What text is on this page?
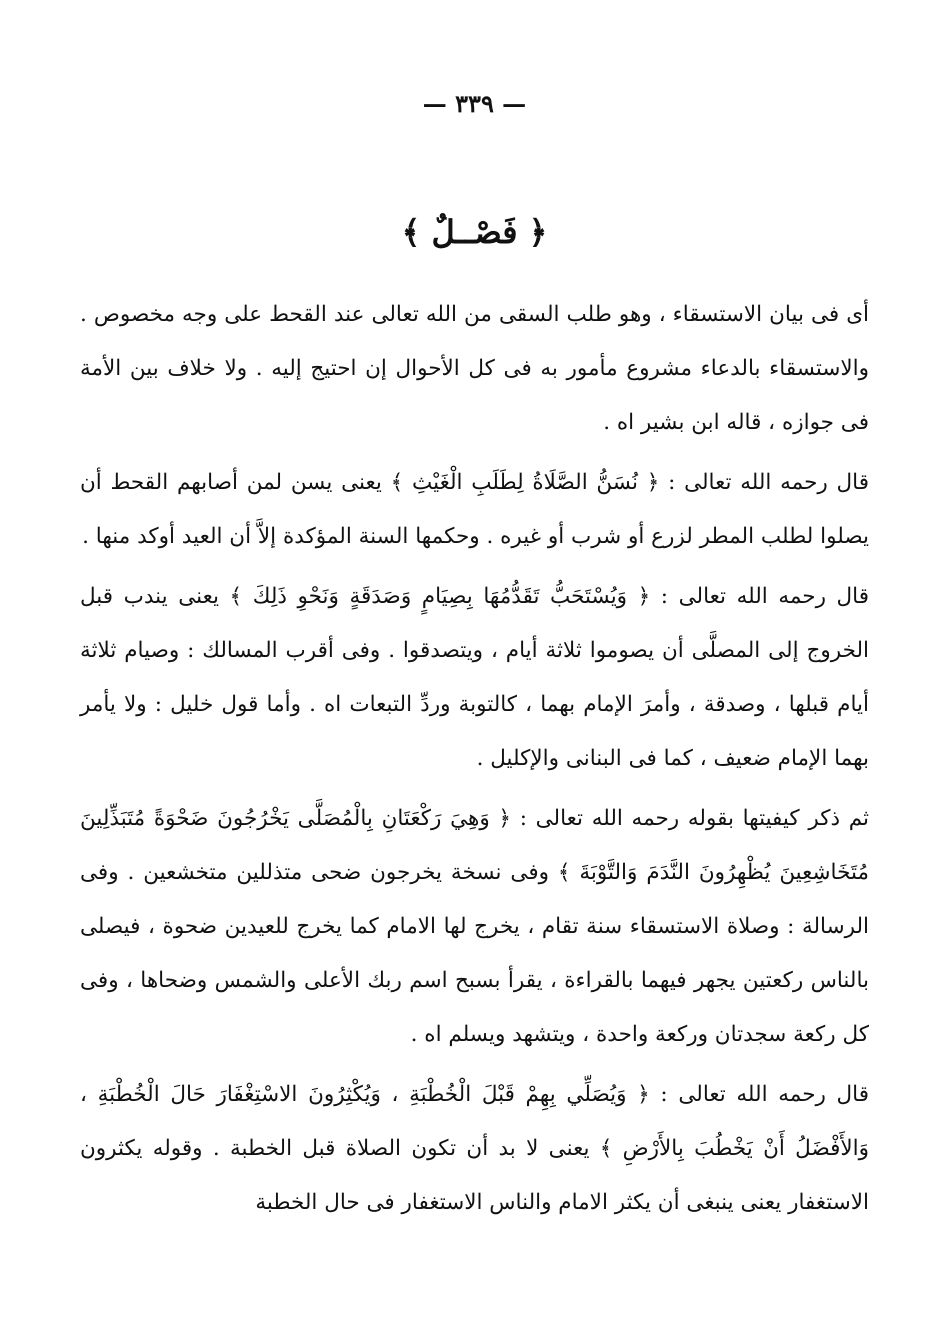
— ٣٣٩ —
﴿ فَصْــلٌ ﴾

أى فى بيان الاستسقاء ، وهو طلب السقى من الله تعالى عند القحط على وجه مخصوص . والاستسقاء بالدعاء مشروع مأمور به فى كل الأحوال إن احتيج إليه . ولا خلاف بين الأمة فى جوازه ، قاله ابن بشير اه .

قال رحمه الله تعالى : ﴿ نُسَنُّ الصَّلَاةُ لِطَلَبِ الْغَيْثِ ﴾ يعنى يسن لمن أصابهم القحط أن يصلوا لطلب المطر لزرع أو شرب أو غيره . وحكمها السنة المؤكدة إلاَّ أن العيد أوكد منها .

قال رحمه الله تعالى : ﴿ وَيُسْتَحَبُّ تَقَدُّمُهَا بِصِيَامٍ وَصَدَقَةٍ وَنَحْوِ ذَلِكَ ﴾ يعنى يندب قبل الخروج إلى المصلَّى أن يصوموا ثلاثة أيام ، ويتصدقوا . وفى أقرب المسالك : وصيام ثلاثة أيام قبلها ، وصدقة ، وأمرَ الإمام بهما ، كالتوبة وردِّ التبعات اه . وأما قول خليل : ولا يأمر بهما الإمام ضعيف ، كما فى البنانى والإكليل .

ثم ذكر كيفيتها بقوله رحمه الله تعالى : ﴿ وَهِيَ رَكْعَتَانِ بِالْمُصَلَّى يَخْرُجُونَ ضَحْوَةً مُتَبَذِّلِينَ مُتَخَاشِعِينَ يُظْهِرُونَ النَّدَمَ وَالتَّوْبَةَ ﴾ وفى نسخة يخرجون ضحى متذللين متخشعين . وفى الرسالة : وصلاة الاستسقاء سنة تقام ، يخرج لها الامام كما يخرج للعيدين ضحوة ، فيصلى بالناس ركعتين يجهر فيهما بالقراءة ، يقرأ بسبح اسم ربك الأعلى والشمس وضحاها ، وفى كل ركعة سجدتان وركعة واحدة ، ويتشهد ويسلم اه .

قال رحمه الله تعالى : ﴿ وَيُصَلِّي بِهِمْ قَبْلَ الْخُطْبَةِ ، وَيُكْثِرُونَ الاسْتِغْفَارَ حَالَ الْخُطْبَةِ ، وَالأَفْضَلُ أَنْ يَخْطُبَ بِالأَرْضِ ﴾ يعنى لا بد أن تكون الصلاة قبل الخطبة . وقوله يكثرون الاستغفار يعنى ينبغى أن يكثر الامام والناس الاستغفار فى حال الخطبة
